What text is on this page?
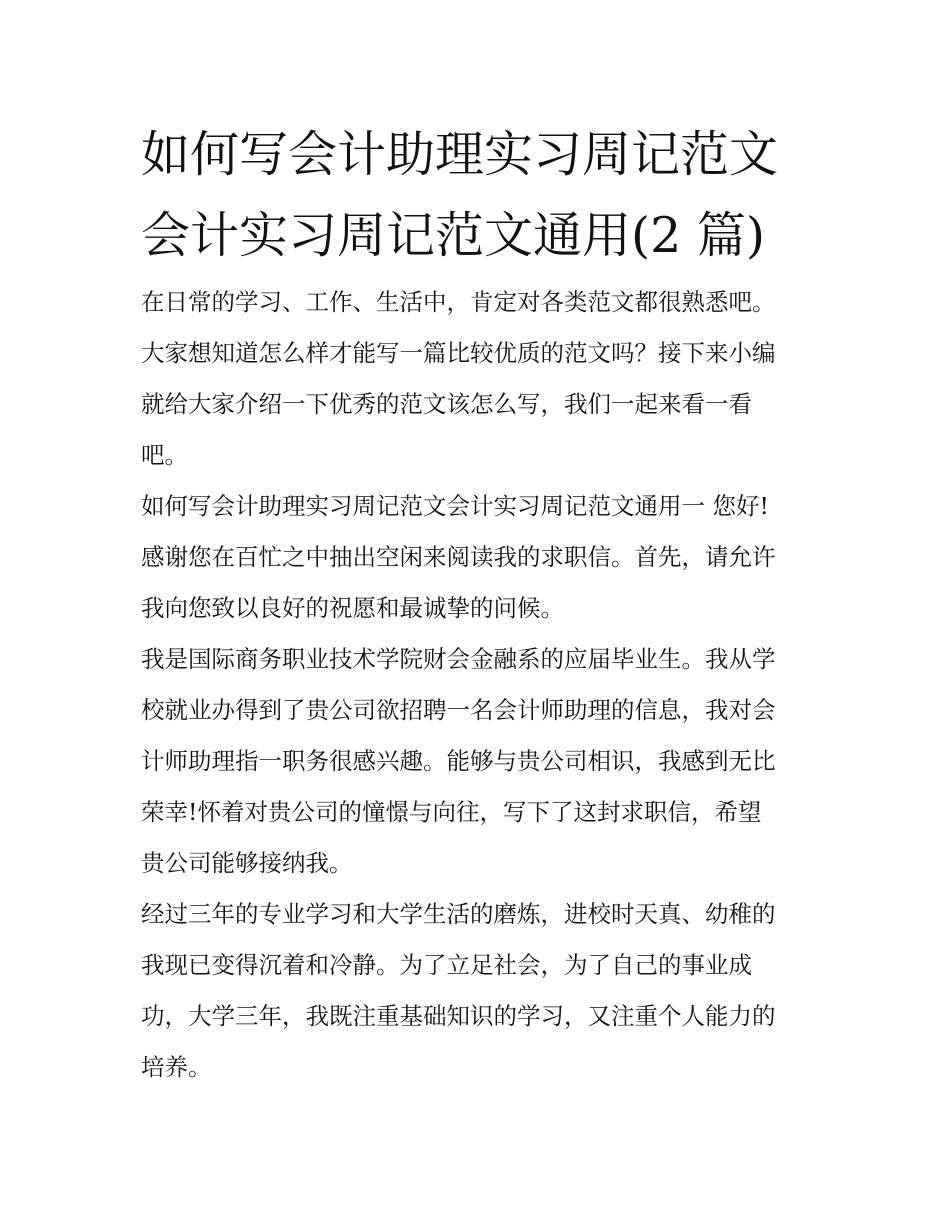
如何写会计助理实习周记范文
会计实习周记范文通用(2 篇)
在日常的学习、工作、生活中，肯定对各类范文都很熟悉吧。
大家想知道怎么样才能写一篇比较优质的范文吗？接下来小编
就给大家介绍一下优秀的范文该怎么写，我们一起来看一看
吧。
如何写会计助理实习周记范文会计实习周记范文通用一 您好!
感谢您在百忙之中抽出空闲来阅读我的求职信。首先，请允许
我向您致以良好的祝愿和最诚挚的问候。
我是国际商务职业技术学院财会金融系的应届毕业生。我从学
校就业办得到了贵公司欲招聘一名会计师助理的信息，我对会
计师助理指一职务很感兴趣。能够与贵公司相识，我感到无比
荣幸!怀着对贵公司的憧憬与向往，写下了这封求职信，希望
贵公司能够接纳我。
经过三年的专业学习和大学生活的磨炼，进校时天真、幼稚的
我现已变得沉着和冷静。为了立足社会，为了自己的事业成
功，大学三年，我既注重基础知识的学习，又注重个人能力的
培养。
